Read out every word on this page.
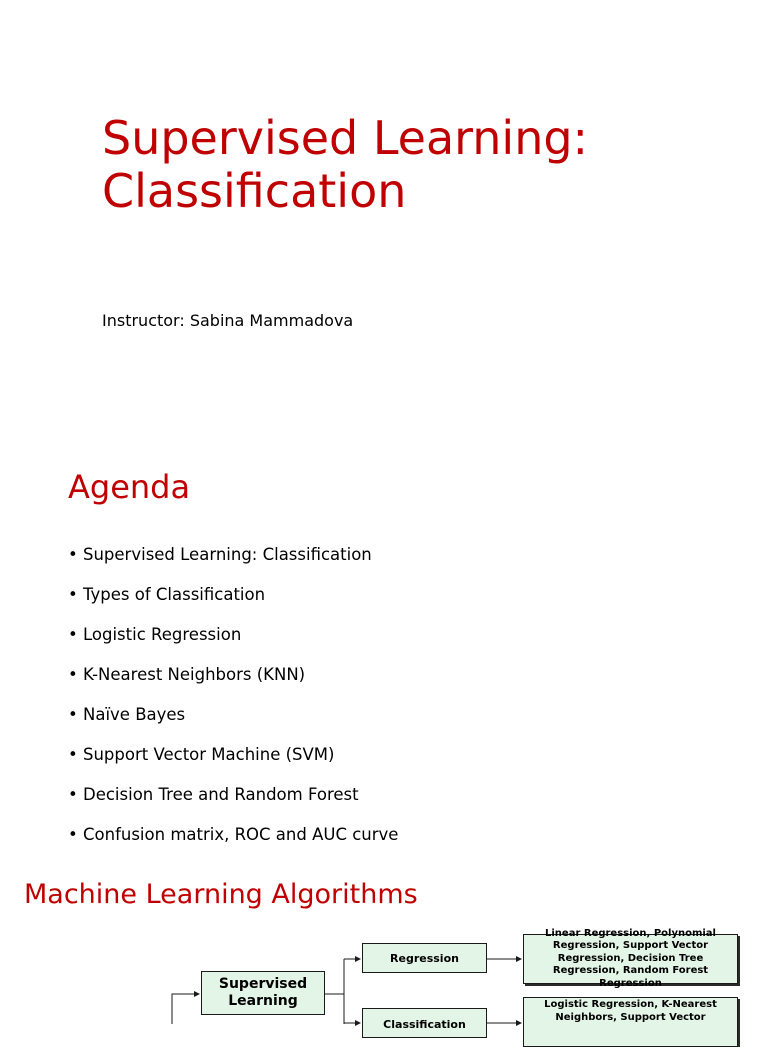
Supervised Learning:
Classification
Instructor: Sabina Mammadova
Agenda
• Supervised Learning: Classification
• Types of Classification
• Logistic Regression
• K-Nearest Neighbors (KNN)
• Naïve Bayes
• Support Vector Machine (SVM)
• Decision Tree and Random Forest
• Confusion matrix, ROC and AUC curve
Machine Learning Algorithms
Supervised Learning
Regression
Classification
Linear Regression, Polynomial Regression, Support Vector Regression, Decision Tree Regression, Random Forest Regression
Logistic Regression, K-Nearest Neighbors, Support Vector
